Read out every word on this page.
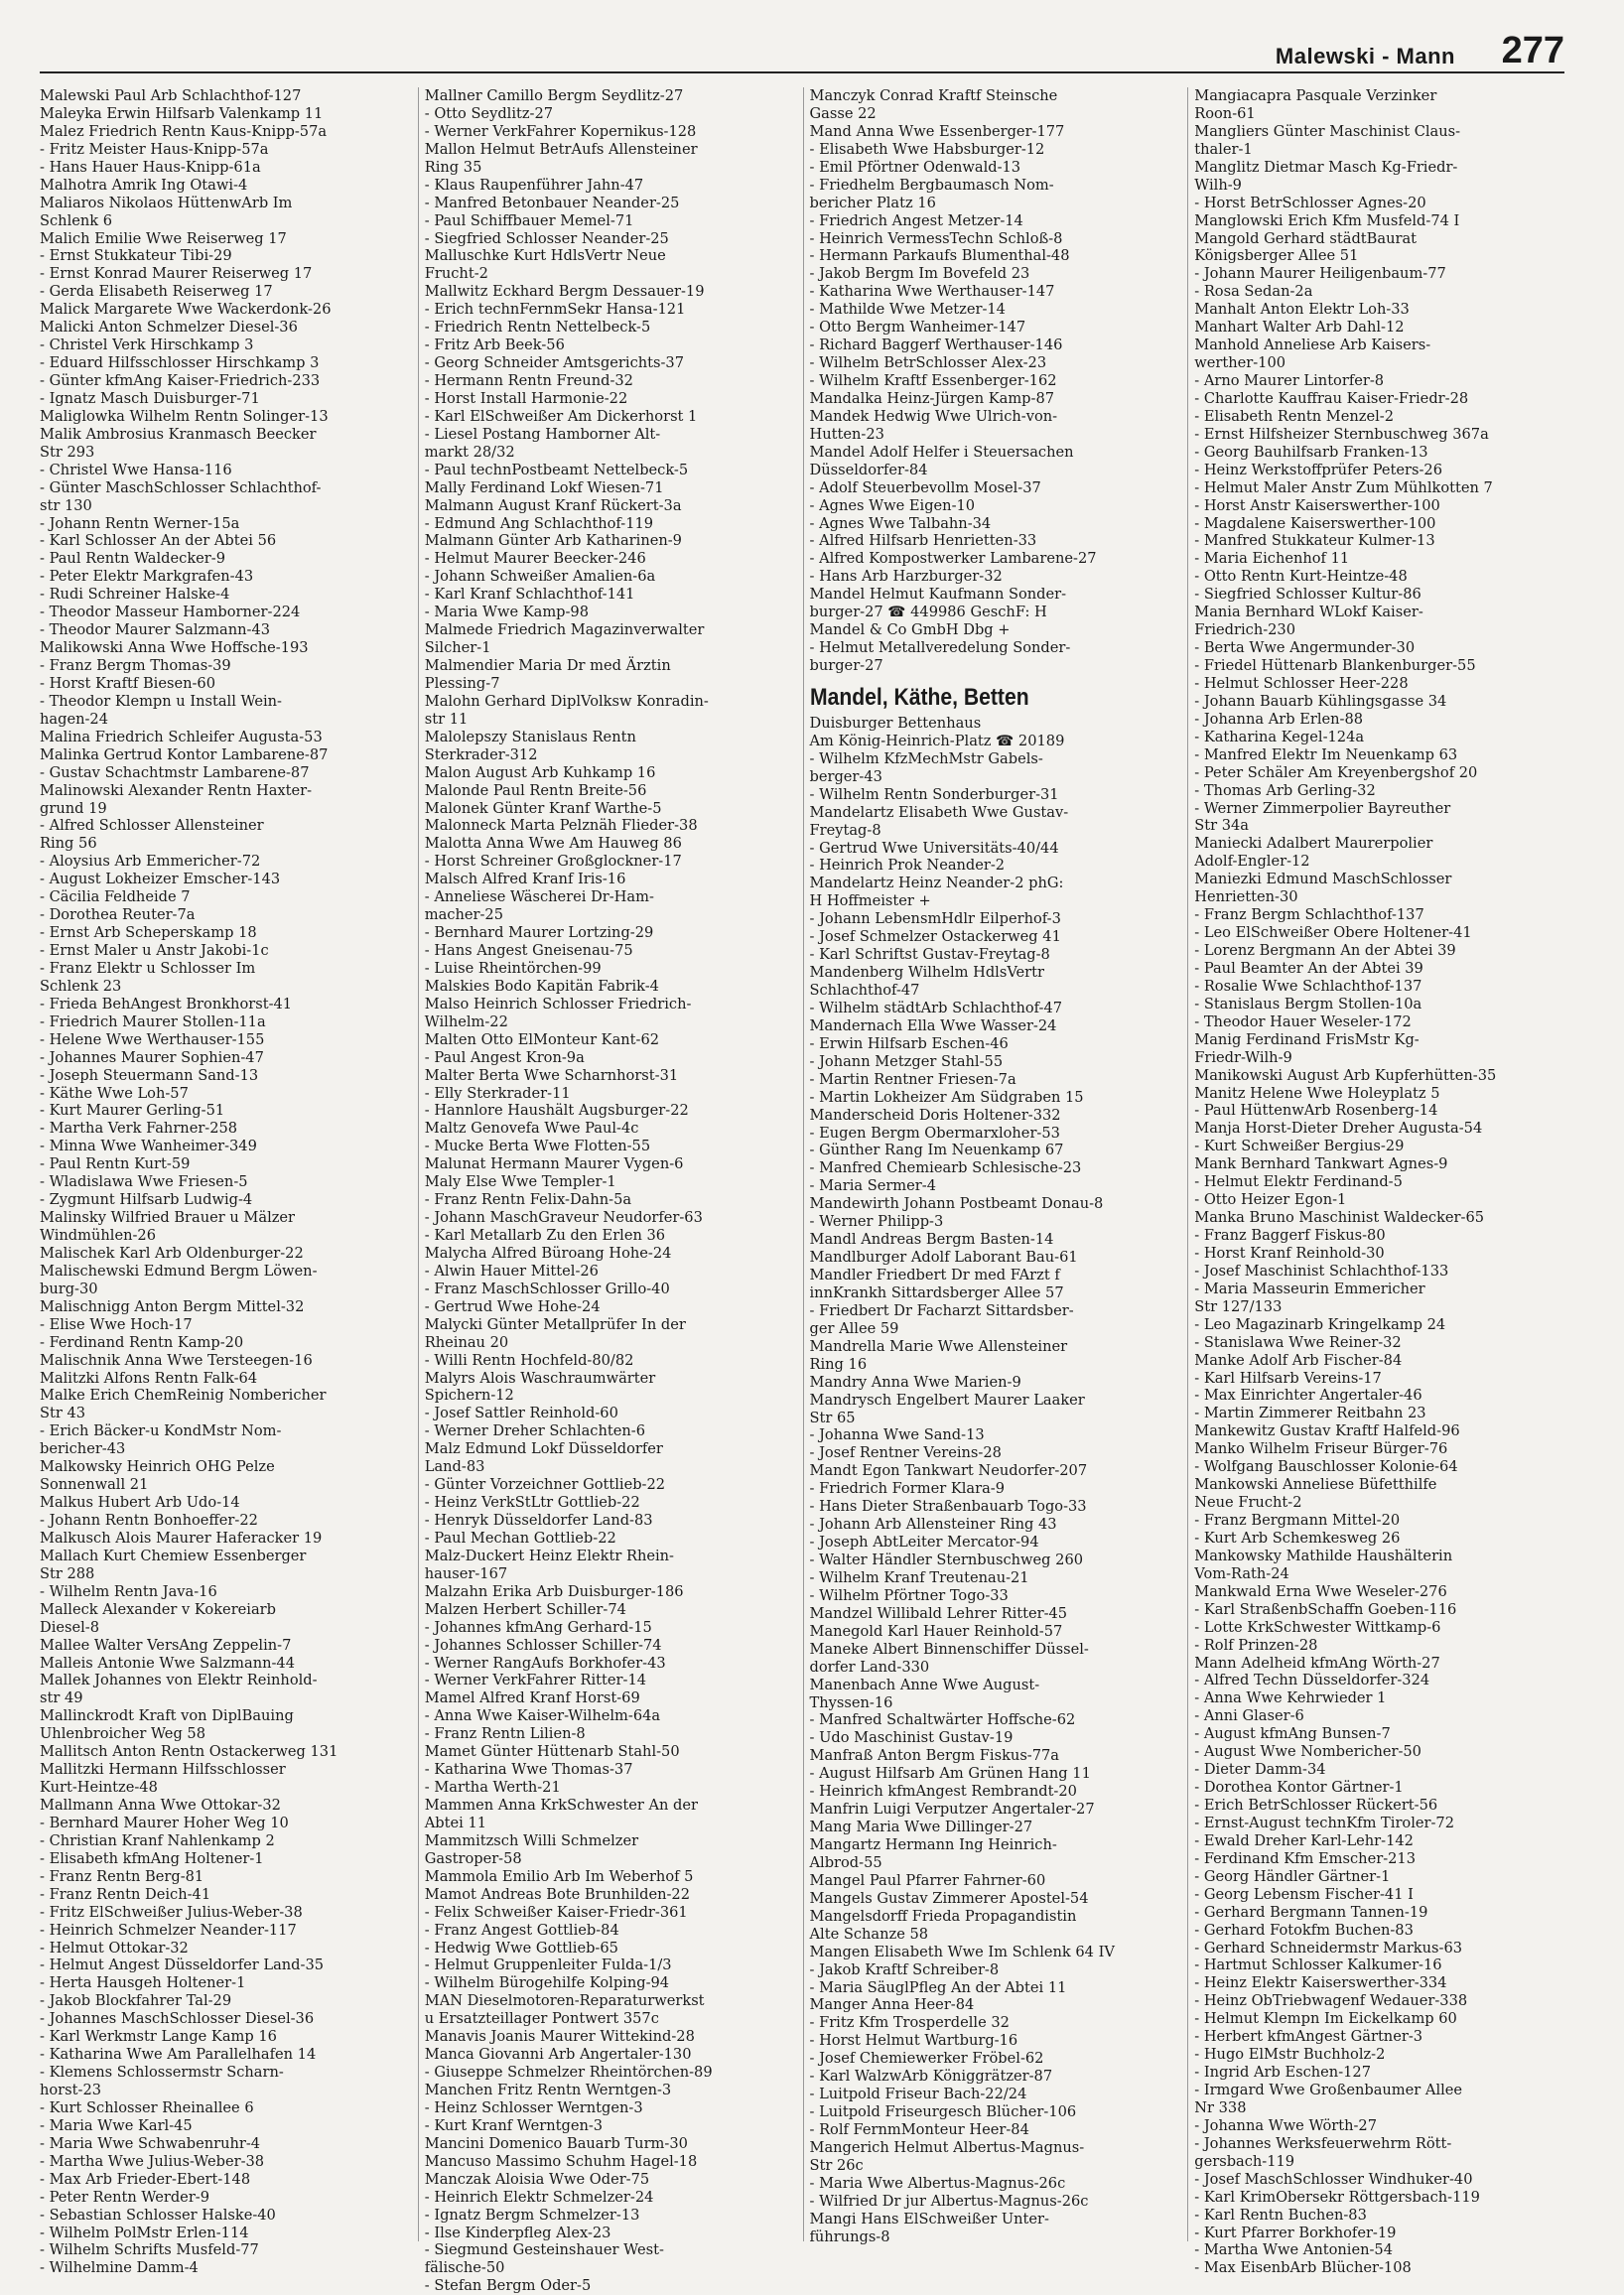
Malewski - Mann 277
Malewski Paul Arb Schlachthof-127
Maleyka Erwin Hilfsarb Valenkamp 11
Malez Friedrich Rentn Kaus-Knipp-57a
- Fritz Meister Haus-Knipp-57a
- Hans Hauer Haus-Knipp-61a
Malhotra Amrik Ing Otawi-4
Maliaros Nikolaos HüttenwArb Im
Schlenk 6
Malich Emilie Wwe Reiserweg 17
- Ernst Stukkateur Tibi-29
- Ernst Konrad Maurer Reiserweg 17
- Gerda Elisabeth Reiserweg 17
Malick Margarete Wwe Wackerdonk-26
Malicki Anton Schmelzer Diesel-36
- Christel Verk Hirschkamp 3
- Eduard Hilfsschlosser Hirschkamp 3
- Günter kfmAng Kaiser-Friedrich-233
- Ignatz Masch Duisburger-71
Maliglowka Wilhelm Rentn Solinger-13
Malik Ambrosius Kranmasch Beecker
Str 293
- Christel Wwe Hansa-116
- Günter MaschSchlosser Schlachthof-
str 130
- Johann Rentn Werner-15a
- Karl Schlosser An der Abtei 56
- Paul Rentn Waldecker-9
- Peter Elektr Markgrafen-43
- Rudi Schreiner Halske-4
- Theodor Masseur Hamborner-224
- Theodor Maurer Salzmann-43
Malikowski Anna Wwe Hoffsche-193
- Franz Bergm Thomas-39
- Horst Kraftf Biesen-60
- Theodor Klempn u Install Wein-
hagen-24
Malina Friedrich Schleifer Augusta-53
Malinka Gertrud Kontor Lambarene-87
- Gustav Schachtmstr Lambarene-87
Malinowski Alexander Rentn Haxter-
grund 19
- Alfred Schlosser Allensteiner
Ring 56
- Aloysius Arb Emmericher-72
- August Lokheizer Emscher-143
- Cäcilia Feldheide 7
- Dorothea Reuter-7a
- Ernst Arb Scheperskamp 18
- Ernst Maler u Anstr Jakobi-1c
- Franz Elektr u Schlosser Im
Schlenk 23
- Frieda BehAngest Bronkhorst-41
- Friedrich Maurer Stollen-11a
- Helene Wwe Werthauser-155
- Johannes Maurer Sophien-47
- Joseph Steuermann Sand-13
- Käthe Wwe Loh-57
- Kurt Maurer Gerling-51
- Martha Verk Fahrner-258
- Minna Wwe Wanheimer-349
- Paul Rentn Kurt-59
- Wladislawa Wwe Friesen-5
- Zygmunt Hilfsarb Ludwig-4
Malinsky Wilfried Brauer u Mälzer
Windmühlen-26
Malischek Karl Arb Oldenburger-22
Malischewski Edmund Bergm Löwen-
burg-30
Malischnigg Anton Bergm Mittel-32
- Elise Wwe Hoch-17
- Ferdinand Rentn Kamp-20
Malischnik Anna Wwe Tersteegen-16
Malitzki Alfons Rentn Falk-64
Malke Erich ChemReinig Nombericher
Str 43
- Erich Bäcker-u KondMstr Nom-
bericher-43
Malkowsky Heinrich OHG Pelze
Sonnenwall 21
Malkus Hubert Arb Udo-14
- Johann Rentn Bonhoeffer-22
Malkusch Alois Maurer Haferacker 19
Mallach Kurt Chemiew Essenberger
Str 288
- Wilhelm Rentn Java-16
Malleck Alexander v Kokereiarb
Diesel-8
Mallee Walter VersAng Zeppelin-7
Malleis Antonie Wwe Salzmann-44
Mallek Johannes von Elektr Reinhold-
str 49
Mallinckrodt Kraft von DiplBauing
Uhlenbroicher Weg 58
Mallitsch Anton Rentn Ostackerweg 131
Mallitzki Hermann Hilfsschlosser
Kurt-Heintze-48
Mallmann Anna Wwe Ottokar-32
- Bernhard Maurer Hoher Weg 10
- Christian Kranf Nahlenkamp 2
- Elisabeth kfmAng Holtener-1
- Franz Rentn Berg-81
- Franz Rentn Deich-41
- Fritz ElSchweißer Julius-Weber-38
- Heinrich Schmelzer Neander-117
- Helmut Ottokar-32
- Helmut Angest Düsseldorfer Land-35
- Herta Hausgeh Holtener-1
- Jakob Blockfahrer Tal-29
- Johannes MaschSchlosser Diesel-36
- Karl Werkmstr Lange Kamp 16
- Katharina Wwe Am Parallelhafen 14
- Klemens Schlossermstr Scharn-
horst-23
- Kurt Schlosser Rheinallee 6
- Maria Wwe Karl-45
- Maria Wwe Schwabenruhr-4
- Martha Wwe Julius-Weber-38
- Max Arb Frieder-Ebert-148
- Peter Rentn Werder-9
- Sebastian Schlosser Halske-40
- Wilhelm PolMstr Erlen-114
- Wilhelm Schrifts Musfeld-77
- Wilhelmine Damm-4
Mallner Camillo Bergm Seydlitz-27
- Otto Seydlitz-27
- Werner VerkFahrer Kopernikus-128
Mallon Helmut BetrAufs Allensteiner
Ring 35
- Klaus Raupenführer Jahn-47
- Manfred Betonbauer Neander-25
- Paul Schiffbauer Memel-71
- Siegfried Schlosser Neander-25
Malluschke Kurt HdlsVertr Neue
Frucht-2
Mallwitz Eckhard Bergm Dessauer-19
- Erich technFernmSekr Hansa-121
- Friedrich Rentn Nettelbeck-5
- Fritz Arb Beek-56
- Georg Schneider Amtsgerichts-37
- Hermann Rentn Freund-32
- Horst Install Harmonie-22
- Karl ElSchweißer Am Dickerhorst 1
- Liesel Postang Hamborner Alt-
markt 28/32
- Paul technPostbeamt Nettelbeck-5
Mally Ferdinand Lokf Wiesen-71
Malmann August Kranf Rückert-3a
- Edmund Ang Schlachthof-119
Malmann Günter Arb Katharinen-9
- Helmut Maurer Beecker-246
- Johann Schweißer Amalien-6a
- Karl Kranf Schlachthof-141
- Maria Wwe Kamp-98
Malmede Friedrich Magazinverwalter
Silcher-1
Malmendier Maria Dr med Ärztin
Plessing-7
Malohn Gerhard DiplVolksw Konradin-
str 11
Malolepszy Stanislaus Rentn
Sterkrader-312
Malon August Arb Kuhkamp 16
Malonde Paul Rentn Breite-56
Malonek Günter Kranf Warthe-5
Malonneck Marta Pelznäh Flieder-38
Malotta Anna Wwe Am Hauweg 86
- Horst Schreiner Großglockner-17
Malsch Alfred Kranf Iris-16
- Anneliese Wäscherei Dr-Ham-
macher-25
- Bernhard Maurer Lortzing-29
- Hans Angest Gneisenau-75
- Luise Rheintörchen-99
Malskies Bodo Kapitän Fabrik-4
Malso Heinrich Schlosser Friedrich-
Wilhelm-22
Malten Otto ElMonteur Kant-62
- Paul Angest Kron-9a
Malter Berta Wwe Scharnhorst-31
- Elly Sterkrader-11
- Hannlore Haushält Augsburger-22
Maltz Genovefa Wwe Paul-4c
- Mucke Berta Wwe Flotten-55
Malunat Hermann Maurer Vygen-6
Maly Else Wwe Templer-1
- Franz Rentn Felix-Dahn-5a
- Johann MaschGraveur Neudorfer-63
- Karl Metallarb Zu den Erlen 36
Malycha Alfred Büroang Hohe-24
- Alwin Hauer Mittel-26
- Franz MaschSchlosser Grillo-40
- Gertrud Wwe Hohe-24
Malycki Günter Metallprüfer In der
Rheinau 20
- Willi Rentn Hochfeld-80/82
Malyrs Alois Waschraumwärter
Spichern-12
- Josef Sattler Reinhold-60
- Werner Dreher Schlachten-6
Malz Edmund Lokf Düsseldorfer
Land-83
- Günter Vorzeichner Gottlieb-22
- Heinz VerkStLtr Gottlieb-22
- Henryk Düsseldorfer Land-83
- Paul Mechan Gottlieb-22
Malz-Duckert Heinz Elektr Rhein-
hauser-167
Malzahn Erika Arb Duisburger-186
Malzen Herbert Schiller-74
- Johannes kfmAng Gerhard-15
- Johannes Schlosser Schiller-74
- Werner RangAufs Borkhofer-43
- Werner VerkFahrer Ritter-14
Mamel Alfred Kranf Horst-69
- Anna Wwe Kaiser-Wilhelm-64a
- Franz Rentn Lilien-8
Mamet Günter Hüttenarb Stahl-50
- Katharina Wwe Thomas-37
- Martha Werth-21
Mammen Anna KrkSchwester An der
Abtei 11
Mammitzsch Willi Schmelzer
Gastroper-58
Mammola Emilio Arb Im Weberhof 5
Mamot Andreas Bote Brunhilden-22
- Felix Schweißer Kaiser-Friedr-361
- Franz Angest Gottlieb-84
- Hedwig Wwe Gottlieb-65
- Helmut Gruppenleiter Fulda-1/3
- Wilhelm Bürogehilfe Kolping-94
MAN Dieselmotoren-Reparaturwerkst
u Ersatzteillager Pontwert 357c
Manavis Joanis Maurer Wittekind-28
Manca Giovanni Arb Angertaler-130
- Giuseppe Schmelzer Rheintörchen-89
Manchen Fritz Rentn Werntgen-3
- Heinz Schlosser Werntgen-3
- Kurt Kranf Werntgen-3
Mancini Domenico Bauarb Turm-30
Mancuso Massimo Schuhm Hagel-18
Manczak Aloisia Wwe Oder-75
- Heinrich Elektr Schmelzer-24
- Ignatz Bergm Schmelzer-13
- Ilse Kinderpfleg Alex-23
- Siegmund Gesteinshauer West-
fälische-50
- Stefan Bergm Oder-5
Manczyk Conrad Kraftf Steinsche
Gasse 22
Mand Anna Wwe Essenberger-177
- Elisabeth Wwe Habsburger-12
- Emil Pförtner Odenwald-13
- Friedhelm Bergbaumasch Nom-
bericher Platz 16
- Friedrich Angest Metzer-14
- Heinrich VermessTechn Schloß-8
- Hermann Parkaufs Blumenthal-48
- Jakob Bergm Im Bovefeld 23
- Katharina Wwe Werthauser-147
- Mathilde Wwe Metzer-14
- Otto Bergm Wanheimer-147
- Richard Baggerf Werthauser-146
- Wilhelm BetrSchlosser Alex-23
- Wilhelm Kraftf Essenberger-162
Mandalka Heinz-Jürgen Kamp-87
Mandek Hedwig Wwe Ulrich-von-
Hutten-23
Mandel Adolf Helfer i Steuersachen
Düsseldorfer-84
- Adolf Steuerbevollm Mosel-37
- Agnes Wwe Eigen-10
- Agnes Wwe Talbahn-34
- Alfred Hilfsarb Henrietten-33
- Alfred Kompostwerker Lambarene-27
- Hans Arb Harzburger-32
Mandel Helmut Kaufmann Sonder-
burger-27 ☎ 449986 GeschF: H
Mandel & Co GmbH Dbg +
- Helmut Metallveredelung Sonder-
burger-27
Mandel, Käthe, Betten
Duisburger Bettenhaus
Am König-Heinrich-Platz ☎ 20189
- Wilhelm KfzMechMstr Gabels-
berger-43
- Wilhelm Rentn Sonderburger-31
Mandelartz Elisabeth Wwe Gustav-
Freytag-8
- Gertrud Wwe Universitäts-40/44
- Heinrich Prok Neander-2
Mandelartz Heinz Neander-2 phG:
H Hoffmeister +
- Johann LebensmHdlr Eilperhof-3
- Josef Schmelzer Ostackerweg 41
- Karl Schriftst Gustav-Freytag-8
Mandenberg Wilhelm HdlsVertr
Schlachthof-47
- Wilhelm städtArb Schlachthof-47
Mandernach Ella Wwe Wasser-24
- Erwin Hilfsarb Eschen-46
- Johann Metzger Stahl-55
- Martin Rentner Friesen-7a
- Martin Lokheizer Am Südgraben 15
Manderscheid Doris Holtener-332
- Eugen Bergm Obermarxloher-53
- Günther Rang Im Neuenkamp 67
- Manfred Chemiearb Schlesische-23
- Maria Sermer-4
Mandewirth Johann Postbeamt Donau-8
- Werner Philipp-3
Mandl Andreas Bergm Basten-14
Mandlburger Adolf Laborant Bau-61
Mandler Friedbert Dr med FArzt f
innKrankh Sittardsberger Allee 57
- Friedbert Dr Facharzt Sittardsber-
ger Allee 59
Mandrella Marie Wwe Allensteiner
Ring 16
Mandry Anna Wwe Marien-9
Mandrysch Engelbert Maurer Laaker
Str 65
- Johanna Wwe Sand-13
- Josef Rentner Vereins-28
Mandt Egon Tankwart Neudorfer-207
- Friedrich Former Klara-9
- Hans Dieter Straßenbauarb Togo-33
- Johann Arb Allensteiner Ring 43
- Joseph AbtLeiter Mercator-94
- Walter Händler Sternbuschweg 260
- Wilhelm Kranf Treutenau-21
- Wilhelm Pförtner Togo-33
Mandzel Willibald Lehrer Ritter-45
Manegold Karl Hauer Reinhold-57
Maneke Albert Binnenschiffer Düssel-
dorfer Land-330
Manenbach Anne Wwe August-
Thyssen-16
- Manfred Schaltwärter Hoffsche-62
- Udo Maschinist Gustav-19
Manfraß Anton Bergm Fiskus-77a
- August Hilfsarb Am Grünen Hang 11
- Heinrich kfmAngest Rembrandt-20
Manfrin Luigi Verputzer Angertaler-27
Mang Maria Wwe Dillinger-27
Mangartz Hermann Ing Heinrich-
Albrod-55
Mangel Paul Pfarrer Fahrner-60
Mangels Gustav Zimmerer Apostel-54
Mangelsdorff Frieda Propagandistin
Alte Schanze 58
Mangen Elisabeth Wwe Im Schlenk 64 IV
- Jakob Kraftf Schreiber-8
- Maria SäuglPfleg An der Abtei 11
Manger Anna Heer-84
- Fritz Kfm Trosperdelle 32
- Horst Helmut Wartburg-16
- Josef Chemiewerker Fröbel-62
- Karl WalzwArb Königgrätzer-87
- Luitpold Friseur Bach-22/24
- Luitpold Friseurgesch Blücher-106
- Rolf FernmMonteur Heer-84
Mangerich Helmut Albertus-Magnus-
Str 26c
- Maria Wwe Albertus-Magnus-26c
- Wilfried Dr jur Albertus-Magnus-26c
Mangi Hans ElSchweißer Unter-
führungs-8
Mangiacapra Pasquale Verzinker
Roon-61
Mangliers Günter Maschinist Claus-
thaler-1
Manglitz Dietmar Masch Kg-Friedr-
Wilh-9
- Horst BetrSchlosser Agnes-20
Manglowski Erich Kfm Musfeld-74 I
Mangold Gerhard städtBaurat
Königsberger Allee 51
- Johann Maurer Heiligenbaum-77
- Rosa Sedan-2a
Manhalt Anton Elektr Loh-33
Manhart Walter Arb Dahl-12
Manhold Anneliese Arb Kaisers-
werther-100
- Arno Maurer Lintorfer-8
- Charlotte Kauffrau Kaiser-Friedr-28
- Elisabeth Rentn Menzel-2
- Ernst Hilfsheizer Sternbuschweg 367a
- Georg Bauhilfsarb Franken-13
- Heinz Werkstoffprüfer Peters-26
- Helmut Maler Anstr Zum Mühlkotten 7
- Horst Anstr Kaiserswerther-100
- Magdalene Kaiserswerther-100
- Manfred Stukkateur Kulmer-13
- Maria Eichenhof 11
- Otto Rentn Kurt-Heintze-48
- Siegfried Schlosser Kultur-86
Mania Bernhard WLokf Kaiser-
Friedrich-230
- Berta Wwe Angermunder-30
- Friedel Hüttenarb Blankenburger-55
- Helmut Schlosser Heer-228
- Johann Bauarb Kühlingsgasse 34
- Johanna Arb Erlen-88
- Katharina Kegel-124a
- Manfred Elektr Im Neuenkamp 63
- Peter Schäler Am Kreyenbergshof 20
- Thomas Arb Gerling-32
- Werner Zimmerpolier Bayreuther
Str 34a
Maniecki Adalbert Maurerpolier
Adolf-Engler-12
Maniezki Edmund MaschSchlosser
Henrietten-30
- Franz Bergm Schlachthof-137
- Leo ElSchweißer Obere Holtener-41
- Lorenz Bergmann An der Abtei 39
- Paul Beamter An der Abtei 39
- Rosalie Wwe Schlachthof-137
- Stanislaus Bergm Stollen-10a
- Theodor Hauer Weseler-172
Manig Ferdinand FrisMstr Kg-
Friedr-Wilh-9
Manikowski August Arb Kupferhütten-35
Manitz Helene Wwe Holeyplatz 5
- Paul HüttenwArb Rosenberg-14
Manja Horst-Dieter Dreher Augusta-54
- Kurt Schweißer Bergius-29
Mank Bernhard Tankwart Agnes-9
- Helmut Elektr Ferdinand-5
- Otto Heizer Egon-1
Manka Bruno Maschinist Waldecker-65
- Franz Baggerf Fiskus-80
- Horst Kranf Reinhold-30
- Josef Maschinist Schlachthof-133
- Maria Masseurin Emmericher
Str 127/133
- Leo Magazinarb Kringelkamp 24
- Stanislawa Wwe Reiner-32
Manke Adolf Arb Fischer-84
- Karl Hilfsarb Vereins-17
- Max Einrichter Angertaler-46
- Martin Zimmerer Reitbahn 23
Mankewitz Gustav Kraftf Halfeld-96
Manko Wilhelm Friseur Bürger-76
- Wolfgang Bauschlosser Kolonie-64
Mankowski Anneliese Büfetthilfe
Neue Frucht-2
- Franz Bergmann Mittel-20
- Kurt Arb Schemkesweg 26
Mankowsky Mathilde Haushälterin
Vom-Rath-24
Mankwald Erna Wwe Weseler-276
- Karl StraßenbSchaffn Goeben-116
- Lotte KrkSchwester Wittkamp-6
- Rolf Prinzen-28
Mann Adelheid kfmAng Wörth-27
- Alfred Techn Düsseldorfer-324
- Anna Wwe Kehrwieder 1
- Anni Glaser-6
- August kfmAng Bunsen-7
- August Wwe Nombericher-50
- Dieter Damm-34
- Dorothea Kontor Gärtner-1
- Erich BetrSchlosser Rückert-56
- Ernst-August technKfm Tiroler-72
- Ewald Dreher Karl-Lehr-142
- Ferdinand Kfm Emscher-213
- Georg Händler Gärtner-1
- Georg Lebensm Fischer-41 I
- Gerhard Bergmann Tannen-19
- Gerhard Fotokfm Buchen-83
- Gerhard Schneidermstr Markus-63
- Hartmut Schlosser Kalkumer-16
- Heinz Elektr Kaiserswerther-334
- Heinz ObTriebwagenf Wedauer-338
- Helmut Klempn Im Eickelkamp 60
- Herbert kfmAngest Gärtner-3
- Hugo ElMstr Buchholz-2
- Ingrid Arb Eschen-127
- Irmgard Wwe Großenbaumer Allee
Nr 338
- Johanna Wwe Wörth-27
- Johannes Werksfeuerwehrm Rött-
gersbach-119
- Josef MaschSchlosser Windhuker-40
- Karl KrimObersekr Röttgersbach-119
- Karl Rentn Buchen-83
- Kurt Pfarrer Borkhofer-19
- Martha Wwe Antonien-54
- Max EisenbArb Blücher-108
